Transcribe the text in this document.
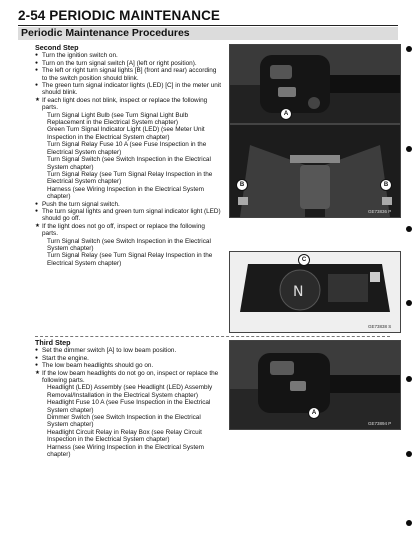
2-54 PERIODIC MAINTENANCE
Periodic Maintenance Procedures
Second Step
● Turn the ignition switch on.
● Turn on the turn signal switch [A] (left or right position).
● The left or right turn signal lights [B] (front and rear) according to the switch position should blink.
● The green turn signal indicator lights (LED) [C] in the meter unit should blink.
★ If each light does not blink, inspect or replace the following parts.
Turn Signal Light Bulb (see Turn Signal Light Bulb Replacement in the Electrical System chapter)
Green Turn Signal Indicator Light (LED) (see Meter Unit Inspection in the Electrical System chapter)
Turn Signal Relay Fuse 10 A (see Fuse Inspection in the Electrical System chapter)
Turn Signal Switch (see Switch Inspection in the Electrical System chapter)
Turn Signal Relay (see Turn Signal Relay Inspection in the Electrical System chapter)
Harness (see Wiring Inspection in the Electrical System chapter)
● Push the turn signal switch.
● The turn signal lights and green turn signal indicator light (LED) should go off.
★ If the light does not go off, inspect or replace the following parts.
Turn Signal Switch (see Switch Inspection in the Electrical System chapter)
Turn Signal Relay (see Turn Signal Relay Inspection in the Electrical System chapter)
Third Step
● Set the dimmer switch [A] to low beam position.
● Start the engine.
● The low beam headlights should go on.
★ If the low beam headlights do not go on, inspect or replace the following parts.
Headlight (LED) Assembly (see Headlight (LED) Assembly Removal/Installation in the Electrical System chapter)
Headlight Fuse 10 A (see Fuse Inspection in the Electrical System chapter)
Dimmer Switch (see Switch Inspection in the Electrical System chapter)
Headlight Circuit Relay in Relay Box (see Relay Circuit Inspection in the Electrical System chapter)
Harness (see Wiring Inspection in the Electrical System chapter)
A
B	B
GE73836 P
N
C
GE73838 S
A
GE73894 P
